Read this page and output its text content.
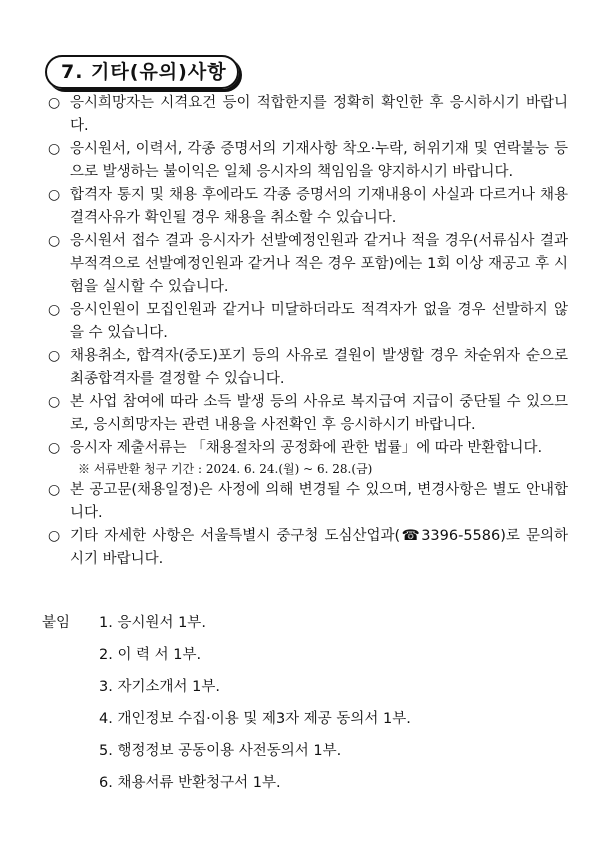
7. 기타(유의)사항
○ 응시희망자는 시격요건 등이 적합한지를 정확히 확인한 후 응시하시기 바랍니다.
○ 응시원서, 이력서, 각종 증명서의 기재사항 착오·누락, 허위기재 및 연락불능 등으로 발생하는 불이익은 일체 응시자의 책임임을 양지하시기 바랍니다.
○ 합격자 통지 및 채용 후에라도 각종 증명서의 기재내용이 사실과 다르거나 채용결격사유가 확인될 경우 채용을 취소할 수 있습니다.
○ 응시원서 접수 결과 응시자가 선발예정인원과 같거나 적을 경우(서류심사 결과 부적격으로 선발예정인원과 같거나 적은 경우 포함)에는 1회 이상 재공고 후 시험을 실시할 수 있습니다.
○ 응시인원이 모집인원과 같거나 미달하더라도 적격자가 없을 경우 선발하지 않을 수 있습니다.
○ 채용취소, 합격자(중도)포기 등의 사유로 결원이 발생할 경우 차순위자 순으로 최종합격자를 결정할 수 있습니다.
○ 본 사업 참여에 따라 소득 발생 등의 사유로 복지급여 지급이 중단될 수 있으므로, 응시희망자는 관련 내용을 사전확인 후 응시하시기 바랍니다.
○ 응시자 제출서류는 「채용절차의 공정화에 관한 법률」에 따라 반환합니다.
※ 서류반환 청구 기간 : 2024. 6. 24.(월) ~ 6. 28.(금)
○ 본 공고문(채용일정)은 사정에 의해 변경될 수 있으며, 변경사항은 별도 안내합니다.
○ 기타 자세한 사항은 서울특별시 중구청 도심산업과(☎3396-5586)로 문의하시기 바랍니다.
붙임 1. 응시원서 1부.
2. 이 력 서 1부.
3. 자기소개서 1부.
4. 개인정보 수집·이용 및 제3자 제공 동의서 1부.
5. 행정정보 공동이용 사전동의서 1부.
6. 채용서류 반환청구서 1부.
